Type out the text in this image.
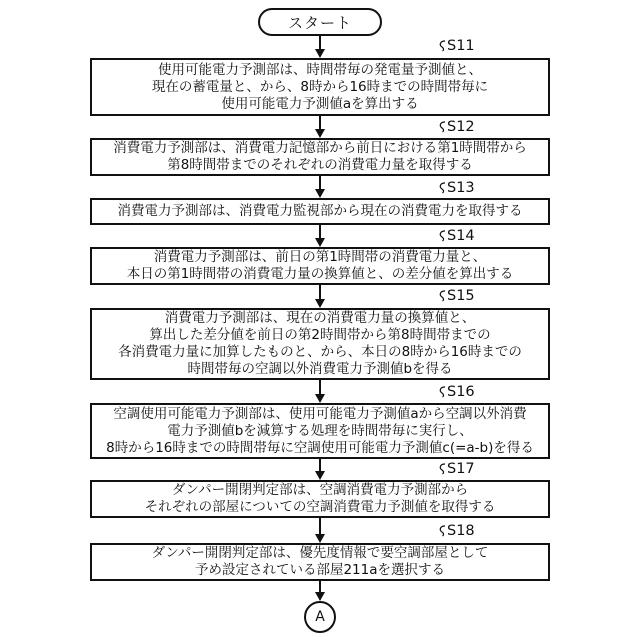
スタート
S11
S12
S13
S14
S15
S16
S17
S18
使用可能電力予測部は、時間帯毎の発電量予測値と、
現在の蓄電量と、から、8時から16時までの時間帯毎に
使用可能電力予測値aを算出する
消費電力予測部は、消費電力記憶部から前日における第1時間帯から
第8時間帯までのそれぞれの消費電力量を取得する
消費電力予測部は、消費電力監視部から現在の消費電力を取得する
消費電力予測部は、前日の第1時間帯の消費電力量と、
本日の第1時間帯の消費電力量の換算値と、の差分値を算出する
消費電力予測部は、現在の消費電力量の換算値と、
算出した差分値を前日の第2時間帯から第8時間帯までの
各消費電力量に加算したものと、から、本日の8時から16時までの
時間帯毎の空調以外消費電力予測値bを得る
空調使用可能電力予測部は、使用可能電力予測値aから空調以外消費
電力予測値bを減算する処理を時間帯毎に実行し、
8時から16時までの時間帯毎に空調使用可能電力予測値c(=a-b)を得る
ダンパー開閉判定部は、空調消費電力予測部から
それぞれの部屋についての空調消費電力予測値を取得する
ダンパー開閉判定部は、優先度情報で要空調部屋として
予め設定されている部屋211aを選択する
A
